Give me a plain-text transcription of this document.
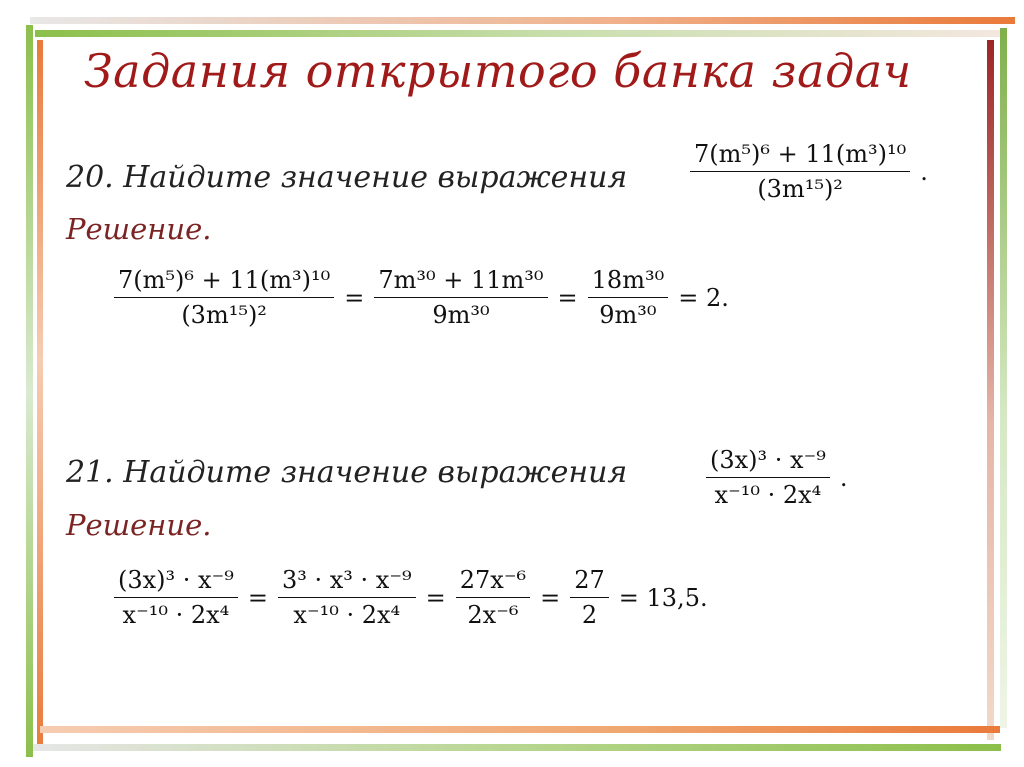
Задания открытого банка задач
20. Найдите значение выражения	$\frac{\text{7(m⁵)⁶ + 11(m³)¹⁰}}{\text{(3m¹⁵)²}}$ .
Решение.
$\frac{\text{7(m⁵)⁶ + 11(m³)¹⁰}}{\text{(3m¹⁵)²}} = \frac{\text{7m³⁰ + 11m³⁰}}{\text{9m³⁰}} = \frac{\text{18m³⁰}}{\text{9m³⁰}} = 2$.
21. Найдите значение выражения	$\frac{\text{(3x)³ · x⁻⁹}}{\text{x⁻¹⁰ · 2x⁴}}$ .
Решение.
$\frac{\text{(3x)³ · x⁻⁹}}{\text{x⁻¹⁰ · 2x⁴}} = \frac{\text{3³ · x³ · x⁻⁹}}{\text{x⁻¹⁰ · 2x⁴}} = \frac{\text{27x⁻⁶}}{\text{2x⁻⁶}} = \frac{27}{2} = 13,5$.
